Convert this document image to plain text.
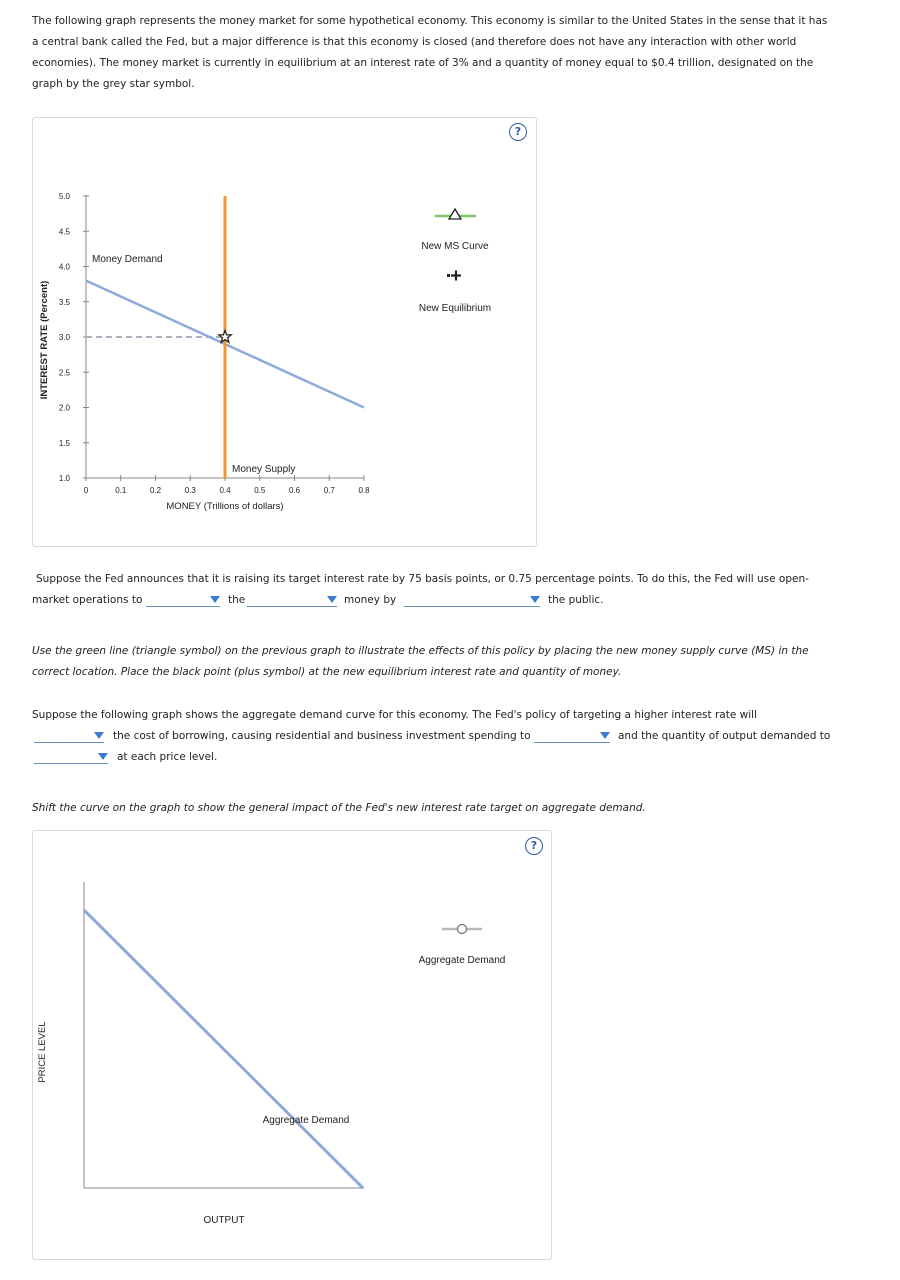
The following graph represents the money market for some hypothetical economy. This economy is similar to the United States in the sense that it has
a central bank called the Fed, but a major difference is that this economy is closed (and therefore does not have any interaction with other world
economies). The money market is currently in equilibrium at an interest rate of 3% and a quantity of money equal to $0.4 trillion, designated on the
graph by the grey star symbol.
?
INTEREST RATE (Percent)
5.0
4.5
4.0
3.5
3.0
2.5
2.0
1.5
1.0
0	0.1	0.2	0.3	0.4	0.5	0.6	0.7	0.8
MONEY (Trillions of dollars)
Money Demand
Money Supply
New MS Curve
New Equilibrium
Suppose the Fed announces that it is raising its target interest rate by 75 basis points, or 0.75 percentage points. To do this, the Fed will use open-
market operations to	the	money by	the public.
Use the green line (triangle symbol) on the previous graph to illustrate the effects of this policy by placing the new money supply curve (MS) in the
correct location. Place the black point (plus symbol) at the new equilibrium interest rate and quantity of money.
Suppose the following graph shows the aggregate demand curve for this economy. The Fed's policy of targeting a higher interest rate will
the cost of borrowing, causing residential and business investment spending to	and the quantity of output demanded to
at each price level.
Shift the curve on the graph to show the general impact of the Fed's new interest rate target on aggregate demand.
?
PRICE LEVEL
OUTPUT
Aggregate Demand
Aggregate Demand
